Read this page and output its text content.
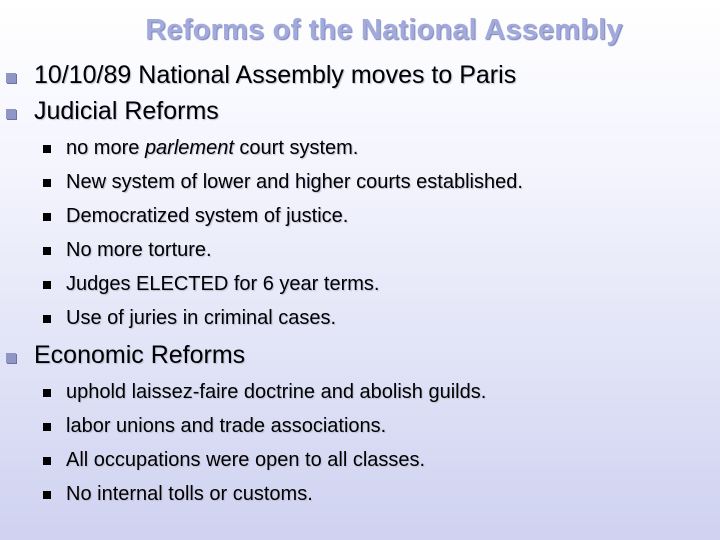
Reforms of the National Assembly
10/10/89 National Assembly moves to Paris
Judicial Reforms
no more parlement court system.
New system of lower and higher courts established.
Democratized system of justice.
No more torture.
Judges ELECTED for 6 year terms.
Use of juries in criminal cases.
Economic Reforms
uphold laissez-faire doctrine and abolish guilds.
labor unions and trade associations.
All occupations were open to all classes.
No internal tolls or customs.
